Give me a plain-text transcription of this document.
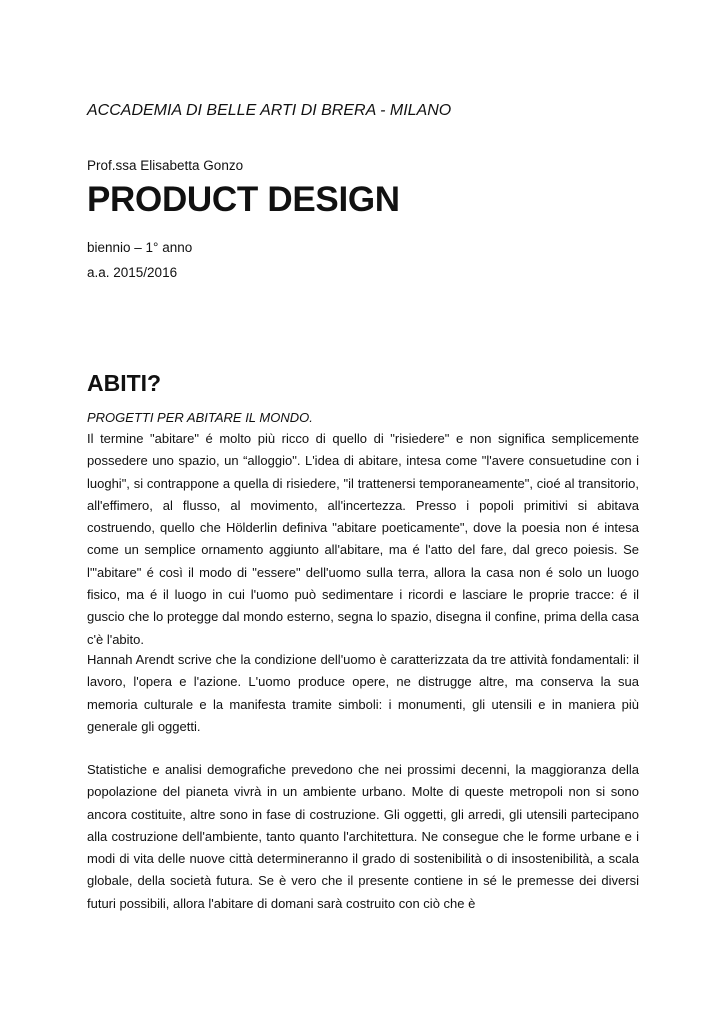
ACCADEMIA DI BELLE ARTI DI BRERA - MILANO
Prof.ssa Elisabetta Gonzo
PRODUCT DESIGN
biennio – 1° anno
a.a. 2015/2016
ABITI?
PROGETTI PER ABITARE IL MONDO.

Il termine "abitare" é molto più ricco di quello di "risiedere" e non significa semplicemente possedere uno spazio, un “alloggio". L'idea di abitare, intesa come "l'avere consuetudine con i luoghi", si contrappone a quella di risiedere, "il trattenersi temporaneamente", cioé al transitorio, all'effimero, al flusso, al movimento, all'incertezza. Presso i popoli primitivi si abitava costruendo, quello che Hölderlin definiva "abitare poeticamente", dove la poesia non é intesa come un semplice ornamento aggiunto all'abitare, ma é l'atto del fare, dal greco poiesis. Se l'"abitare" é così il modo di "essere" dell'uomo sulla terra, allora la casa non é solo un luogo fisico, ma é il luogo in cui l'uomo può sedimentare i ricordi e lasciare le proprie tracce: é il guscio che lo protegge dal mondo esterno, segna lo spazio, disegna il confine, prima della casa c'è l'abito.

Hannah Arendt scrive che la condizione dell'uomo è caratterizzata da tre attività fondamentali: il lavoro, l'opera e l'azione. L'uomo produce opere, ne distrugge altre, ma conserva la sua memoria culturale e la manifesta tramite simboli: i monumenti, gli utensili e in maniera più generale gli oggetti.

Statistiche e analisi demografiche prevedono che nei prossimi decenni, la maggioranza della popolazione del pianeta vivrà in un ambiente urbano. Molte di queste metropoli non si sono ancora costituite, altre sono in fase di costruzione. Gli oggetti, gli arredi, gli utensili partecipano alla costruzione dell'ambiente, tanto quanto l'architettura. Ne consegue che le forme urbane e i modi di vita delle nuove città determineranno il grado di sostenibilità o di insostenibilità, a scala globale, della società futura. Se è vero che il presente contiene in sé le premesse dei diversi futuri possibili, allora l'abitare di domani sarà costruito con ciò che è
